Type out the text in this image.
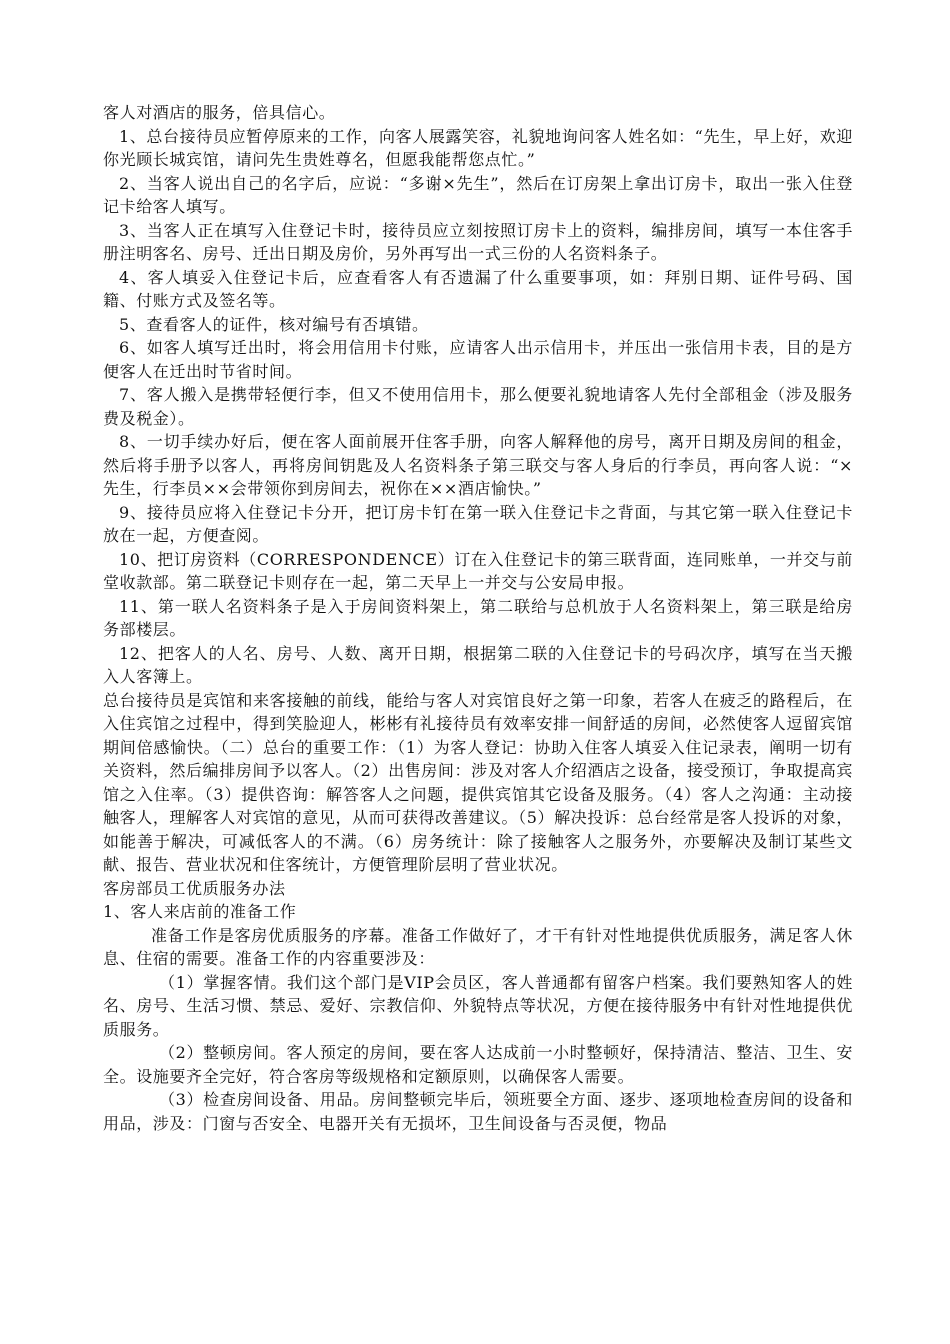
客人对酒店的服务，倍具信心。

1、总台接待员应暂停原来的工作，向客人展露笑容，礼貌地询问客人姓名如：“先生，早上好，欢迎你光顾长城宾馆，请问先生贵姓尊名，但愿我能帮您点忙。”

2、当客人说出自己的名字后，应说：“多谢×先生”，然后在订房架上拿出订房卡，取出一张入住登记卡给客人填写。

3、当客人正在填写入住登记卡时，接待员应立刻按照订房卡上的资料，编排房间，填写一本住客手册注明客名、房号、迁出日期及房价，另外再写出一式三份的人名资料条子。

4、客人填妥入住登记卡后，应查看客人有否遗漏了什么重要事项，如：拜别日期、证件号码、国籍、付账方式及签名等。

5、查看客人的证件，核对编号有否填错。

6、如客人填写迁出时，将会用信用卡付账，应请客人出示信用卡，并压出一张信用卡表，目的是方便客人在迁出时节省时间。

7、客人搬入是携带轻便行李，但又不使用信用卡，那么便要礼貌地请客人先付全部租金（涉及服务费及税金）。

8、一切手续办好后，便在客人面前展开住客手册，向客人解释他的房号，离开日期及房间的租金，然后将手册予以客人，再将房间钥匙及人名资料条子第三联交与客人身后的行李员，再向客人说：“×先生，行李员××会带领你到房间去，祝你在××酒店愉快。”

9、接待员应将入住登记卡分开，把订房卡钉在第一联入住登记卡之背面，与其它第一联入住登记卡放在一起，方便查阅。

10、把订房资料（CORRESPONDENCE）订在入住登记卡的第三联背面，连同账单，一并交与前堂收款部。第二联登记卡则存在一起，第二天早上一并交与公安局申报。

11、第一联人名资料条子是入于房间资料架上，第二联给与总机放于人名资料架上，第三联是给房务部楼层。

12、把客人的人名、房号、人数、离开日期，根据第二联的入住登记卡的号码次序，填写在当天搬入人客簿上。

总台接待员是宾馆和来客接触的前线，能给与客人对宾馆良好之第一印象，若客人在疲乏的路程后，在入住宾馆之过程中，得到笑脸迎人，彬彬有礼接待员有效率安排一间舒适的房间，必然使客人逗留宾馆期间倍感愉快。（二）总台的重要工作：（1）为客人登记：协助入住客人填妥入住记录表，阐明一切有关资料，然后编排房间予以客人。（2）出售房间：涉及对客人介绍酒店之设备，接受预订，争取提高宾馆之入住率。（3）提供咨询：解答客人之问题，提供宾馆其它设备及服务。（4）客人之沟通：主动接触客人，理解客人对宾馆的意见，从而可获得改善建议。（5）解决投诉：总台经常是客人投诉的对象，如能善于解决，可减低客人的不满。（6）房务统计：除了接触客人之服务外，亦要解决及制订某些文献、报告、营业状况和住客统计，方便管理阶层明了营业状况。

客房部员工优质服务办法

1、客人来店前的准备工作

准备工作是客房优质服务的序幕。准备工作做好了，才干有针对性地提供优质服务，满足客人休息、住宿的需要。准备工作的内容重要涉及：

（1）掌握客情。我们这个部门是VIP会员区，客人普通都有留客户档案。我们要熟知客人的姓名、房号、生活习惯、禁忌、爱好、宗教信仰、外貌特点等状况，方便在接待服务中有针对性地提供优质服务。

（2）整顿房间。客人预定的房间，要在客人达成前一小时整顿好，保持清洁、整洁、卫生、安全。设施要齐全完好，符合客房等级规格和定额原则，以确保客人需要。

（3）检查房间设备、用品。房间整顿完毕后，领班要全方面、逐步、逐项地检查房间的设备和用品，涉及：门窗与否安全、电器开关有无损坏，卫生间设备与否灵便，物品
